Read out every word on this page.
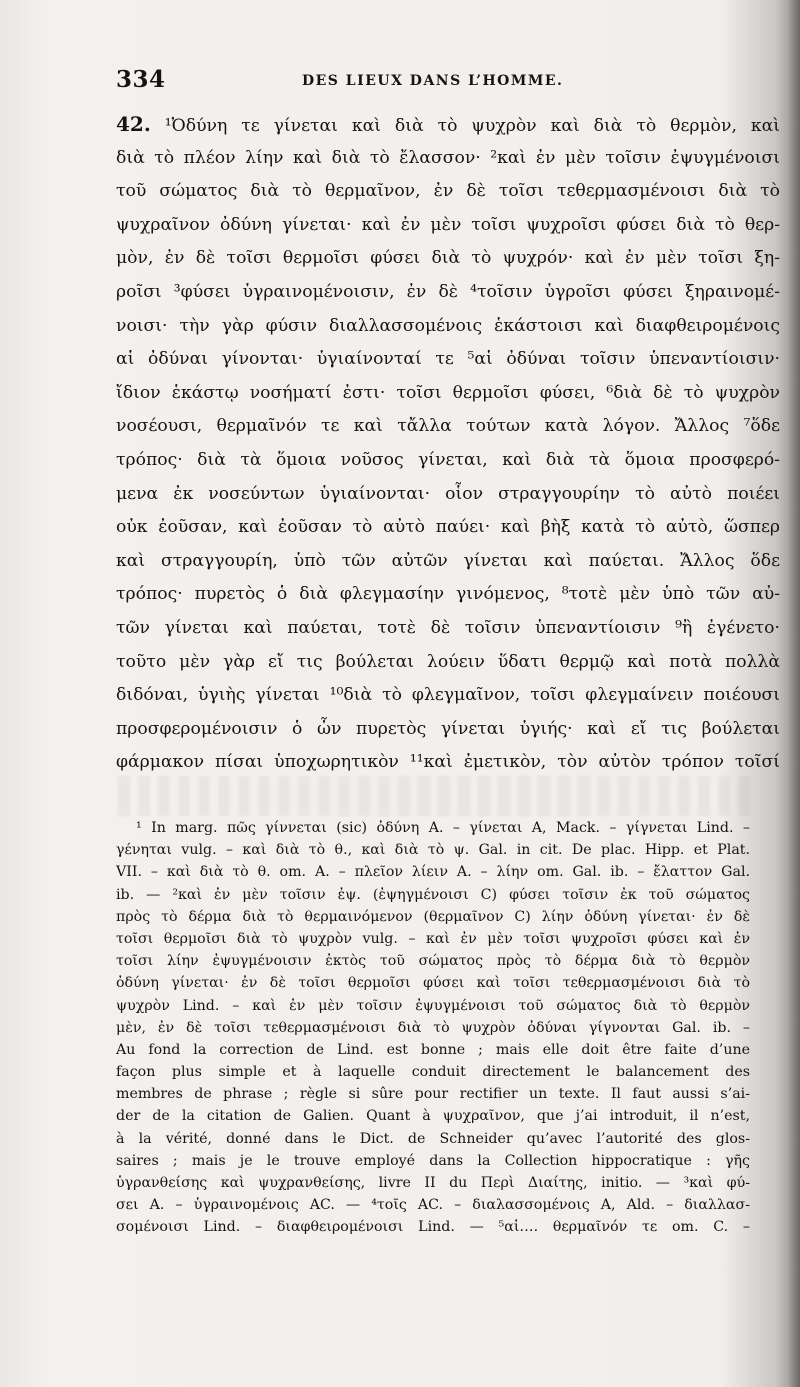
334	DES LIEUX DANS L’HOMME.
42. ¹Ὀδύνη τε γίνεται καὶ διὰ τὸ ψυχρὸν καὶ διὰ τὸ θερμὸν, καὶ
διὰ τὸ πλέον λίην καὶ διὰ τὸ ἔλασσον· ²καὶ ἐν μὲν τοῖσιν ἐψυγμένοισι
τοῦ σώματος διὰ τὸ θερμαῖνον, ἐν δὲ τοῖσι τεθερμασμένοισι διὰ τὸ
ψυχραῖνον ὀδύνη γίνεται· καὶ ἐν μὲν τοῖσι ψυχροῖσι φύσει διὰ τὸ θερ-
μὸν, ἐν δὲ τοῖσι θερμοῖσι φύσει διὰ τὸ ψυχρόν· καὶ ἐν μὲν τοῖσι ξη-
ροῖσι ³φύσει ὑγραινομένοισιν, ἐν δὲ ⁴τοῖσιν ὑγροῖσι φύσει ξηραινομέ-
νοισι· τὴν γὰρ φύσιν διαλλασσομένοις ἑκάστοισι καὶ διαφθειρομένοις
αἱ ὀδύναι γίνονται· ὑγιαίνονταί τε ⁵αἱ ὀδύναι τοῖσιν ὑπεναντίοισιν·
ἴδιον ἑκάστῳ νοσήματί ἐστι· τοῖσι θερμοῖσι φύσει, ⁶διὰ δὲ τὸ ψυχρὸν
νοσέουσι, θερμαῖνόν τε καὶ τἄλλα τούτων κατὰ λόγον. Ἄλλος ⁷ὅδε
τρόπος· διὰ τὰ ὅμοια νοῦσος γίνεται, καὶ διὰ τὰ ὅμοια προσφερό-
μενα ἐκ νοσεύντων ὑγιαίνονται· οἷον στραγγουρίην τὸ αὐτὸ ποιέει
οὐκ ἐοῦσαν, καὶ ἐοῦσαν τὸ αὐτὸ παύει· καὶ βὴξ κατὰ τὸ αὐτὸ, ὥσπερ
καὶ στραγγουρίη, ὑπὸ τῶν αὐτῶν γίνεται καὶ παύεται. Ἄλλος ὅδε
τρόπος· πυρετὸς ὁ διὰ φλεγμασίην γινόμενος, ⁸τοτὲ μὲν ὑπὸ τῶν αὐ-
τῶν γίνεται καὶ παύεται, τοτὲ δὲ τοῖσιν ὑπεναντίοισιν ⁹ἢ ἐγένετο·
τοῦτο μὲν γὰρ εἴ τις βούλεται λούειν ὕδατι θερμῷ καὶ ποτὰ πολλὰ
διδόναι, ὑγιὴς γίνεται ¹⁰διὰ τὸ φλεγμαῖνον, τοῖσι φλεγμαίνειν ποιέουσι
προσφερομένοισιν ὁ ὧν πυρετὸς γίνεται ὑγιής· καὶ εἴ τις βούλεται
φάρμακον πίσαι ὑποχωρητικὸν ¹¹καὶ ἐμετικὸν, τὸν αὐτὸν τρόπον τοῖσί
¹ In marg. πῶς γίννεται (sic) ὀδύνη A. – γίνεται A, Mack. – γίγνεται Lind. –
γένηται vulg. – καὶ διὰ τὸ θ., καὶ διὰ τὸ ψ. Gal. in cit. De plac. Hipp. et Plat.
VII. – καὶ διὰ τὸ θ. om. A. – πλεῖον λίειν A. – λίην om. Gal. ib. – ἔλαττον Gal.
ib. — ²καὶ ἐν μὲν τοῖσιν ἐψ. (ἐψηγμένοισι C) φύσει τοῖσιν ἐκ τοῦ σώματος
πρὸς τὸ δέρμα διὰ τὸ θερμαινόμενον (θερμαῖνον C) λίην ὀδύνη γίνεται· ἐν δὲ
τοῖσι θερμοῖσι διὰ τὸ ψυχρὸν vulg. – καὶ ἐν μὲν τοῖσι ψυχροῖσι φύσει καὶ ἐν
τοῖσι λίην ἐψυγμένοισιν ἐκτὸς τοῦ σώματος πρὸς τὸ δέρμα διὰ τὸ θερμὸν
ὀδύνη γίνεται· ἐν δὲ τοῖσι θερμοῖσι φύσει καὶ τοῖσι τεθερμασμένοισι διὰ τὸ
ψυχρὸν Lind. – καὶ ἐν μὲν τοῖσιν ἐψυγμένοισι τοῦ σώματος διὰ τὸ θερμὸν
μὲν, ἐν δὲ τοῖσι τεθερμασμένοισι διὰ τὸ ψυχρὸν ὀδύναι γίγνονται Gal. ib. –
Au fond la correction de Lind. est bonne ; mais elle doit être faite d’une
façon plus simple et à laquelle conduit directement le balancement des
membres de phrase ; règle si sûre pour rectifier un texte. Il faut aussi s’ai-
der de la citation de Galien. Quant à ψυχραῖνον, que j’ai introduit, il n’est,
à la vérité, donné dans le Dict. de Schneider qu’avec l’autorité des glos-
saires ; mais je le trouve employé dans la Collection hippocratique : γῆς
ὑγρανθείσης καὶ ψυχρανθείσης, livre II du Περὶ Διαίτης, initio. — ³καὶ φύ-
σει A. – ὑγραινομένοις AC. — ⁴τοῖς AC. – διαλασσομένοις A, Ald. – διαλλασ-
σομένοισι Lind. – διαφθειρομένοισι Lind. — ⁵αἱ…. θερμαῖνόν τε om. C. –
